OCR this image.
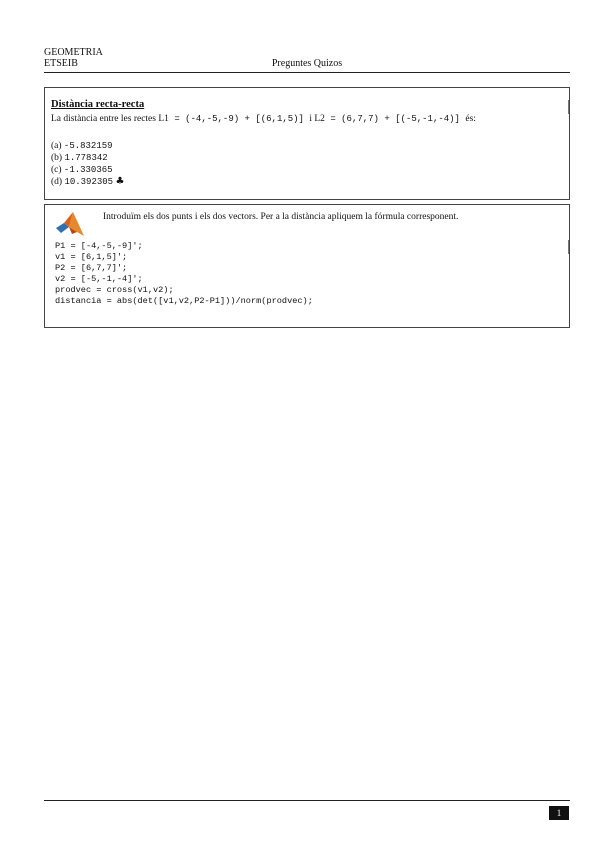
GEOMETRIA
ETSEIB	Preguntes Quizos
Distància recta-recta
La distància entre les rectes L1 = (-4,-5,-9) + [(6,1,5)] i L2 = (6,7,7) + [(-5,-1,-4)] és:
(a) -5.832159
(b) 1.778342
(c) -1.330365
(d) 10.392305 ♣
Introduïm els dos punts i els dos vectors. Per a la distància apliquem la fórmula corresponent.
P1 = [-4,-5,-9]';
v1 = [6,1,5]';
P2 = [6,7,7]';
v2 = [-5,-1,-4]';
prodvec = cross(v1,v2);
distancia = abs(det([v1,v2,P2-P1]))/norm(prodvec);
1
